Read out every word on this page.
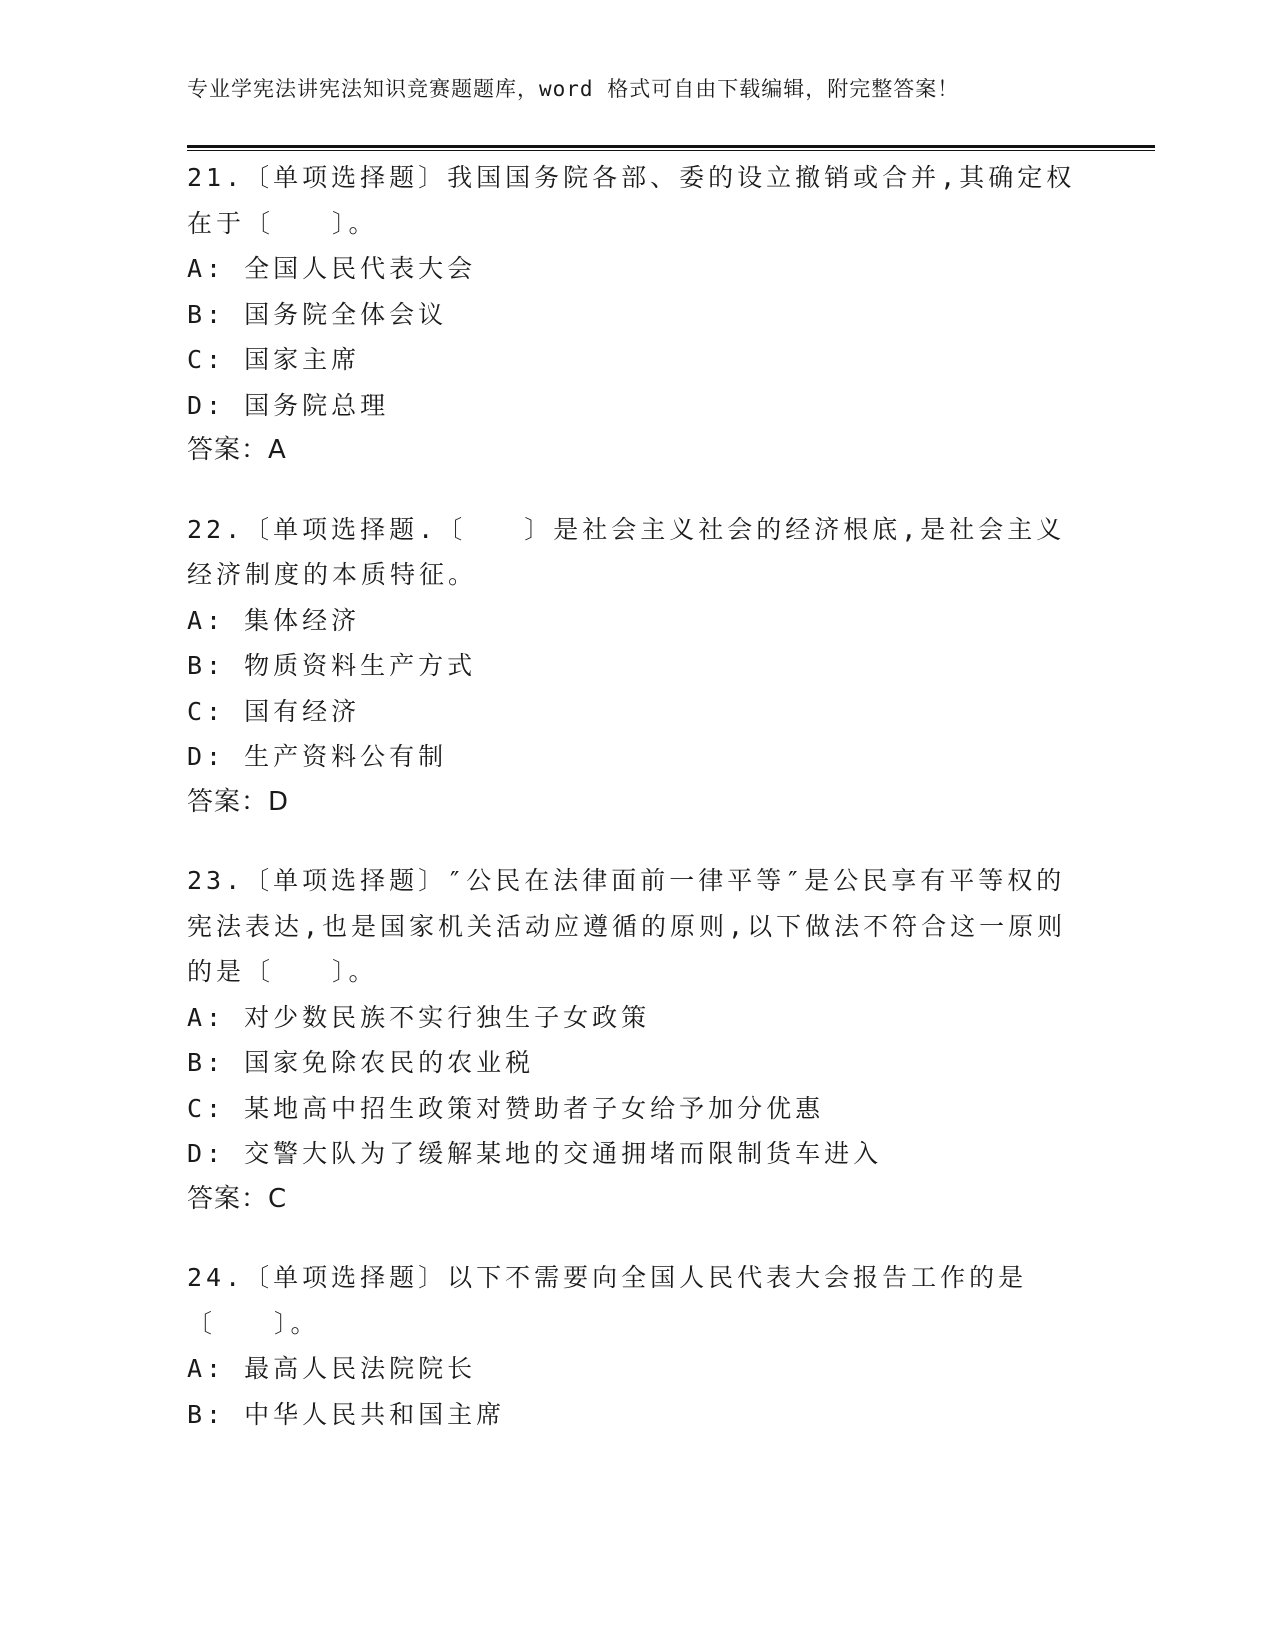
专业学宪法讲宪法知识竞赛题题库，word 格式可自由下载编辑，附完整答案！

21.〔单项选择题〕我国国务院各部、委的设立撤销或合并,其确定权在于〔　　〕。

A: 全国人民代表大会

B: 国务院全体会议

C: 国家主席

D: 国务院总理

答案：A

22.〔单项选择题.〔　　〕是社会主义社会的经济根底,是社会主义经济制度的本质特征。

A: 集体经济

B: 物质资料生产方式

C: 国有经济

D: 生产资料公有制

答案：D

23.〔单项选择题〕″公民在法律面前一律平等″是公民享有平等权的宪法表达,也是国家机关活动应遵循的原则,以下做法不符合这一原则的是〔　　〕。

A: 对少数民族不实行独生子女政策

B: 国家免除农民的农业税

C: 某地高中招生政策对赞助者子女给予加分优惠

D: 交警大队为了缓解某地的交通拥堵而限制货车进入

答案：C

24.〔单项选择题〕以下不需要向全国人民代表大会报告工作的是〔　　〕。

A: 最高人民法院院长

B: 中华人民共和国主席
